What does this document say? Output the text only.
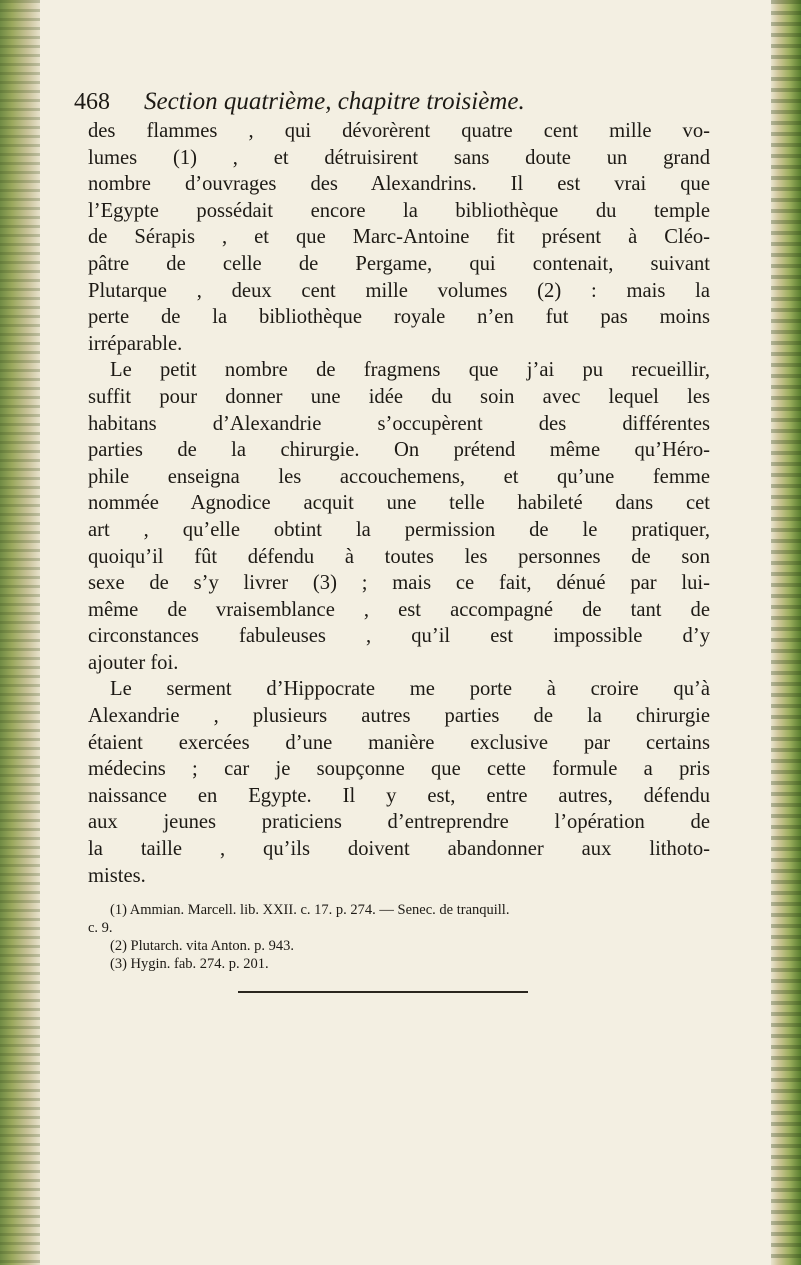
468	Section quatrième, chapitre troisième.
des flammes , qui dévorèrent quatre cent mille vo-
lumes (1) , et détruisirent sans doute un grand
nombre d’ouvrages des Alexandrins. Il est vrai que
l’Egypte possédait encore la bibliothèque du temple
de Sérapis , et que Marc-Antoine fit présent à Cléo-
pâtre de celle de Pergame, qui contenait, suivant
Plutarque , deux cent mille volumes (2) : mais la
perte de la bibliothèque royale n’en fut pas moins
irréparable.
Le petit nombre de fragmens que j’ai pu recueillir,
suffit pour donner une idée du soin avec lequel les
habitans d’Alexandrie s’occupèrent des différentes
parties de la chirurgie. On prétend même qu’Héro-
phile enseigna les accouchemens, et qu’une femme
nommée Agnodice acquit une telle habileté dans cet
art , qu’elle obtint la permission de le pratiquer,
quoiqu’il fût défendu à toutes les personnes de son
sexe de s’y livrer (3) ; mais ce fait, dénué par lui-
même de vraisemblance , est accompagné de tant de
circonstances fabuleuses , qu’il est impossible d’y
ajouter foi.
Le serment d’Hippocrate me porte à croire qu’à
Alexandrie , plusieurs autres parties de la chirurgie
étaient exercées d’une manière exclusive par certains
médecins ; car je soupçonne que cette formule a pris
naissance en Egypte. Il y est, entre autres, défendu
aux jeunes praticiens d’entreprendre l’opération de
la taille , qu’ils doivent abandonner aux lithoto-
mistes.
(1) Ammian. Marcell. lib. XXII. c. 17. p. 274. — Senec. de tranquill.
c. 9.
(2) Plutarch. vita Anton. p. 943.
(3) Hygin. fab. 274. p. 201.
